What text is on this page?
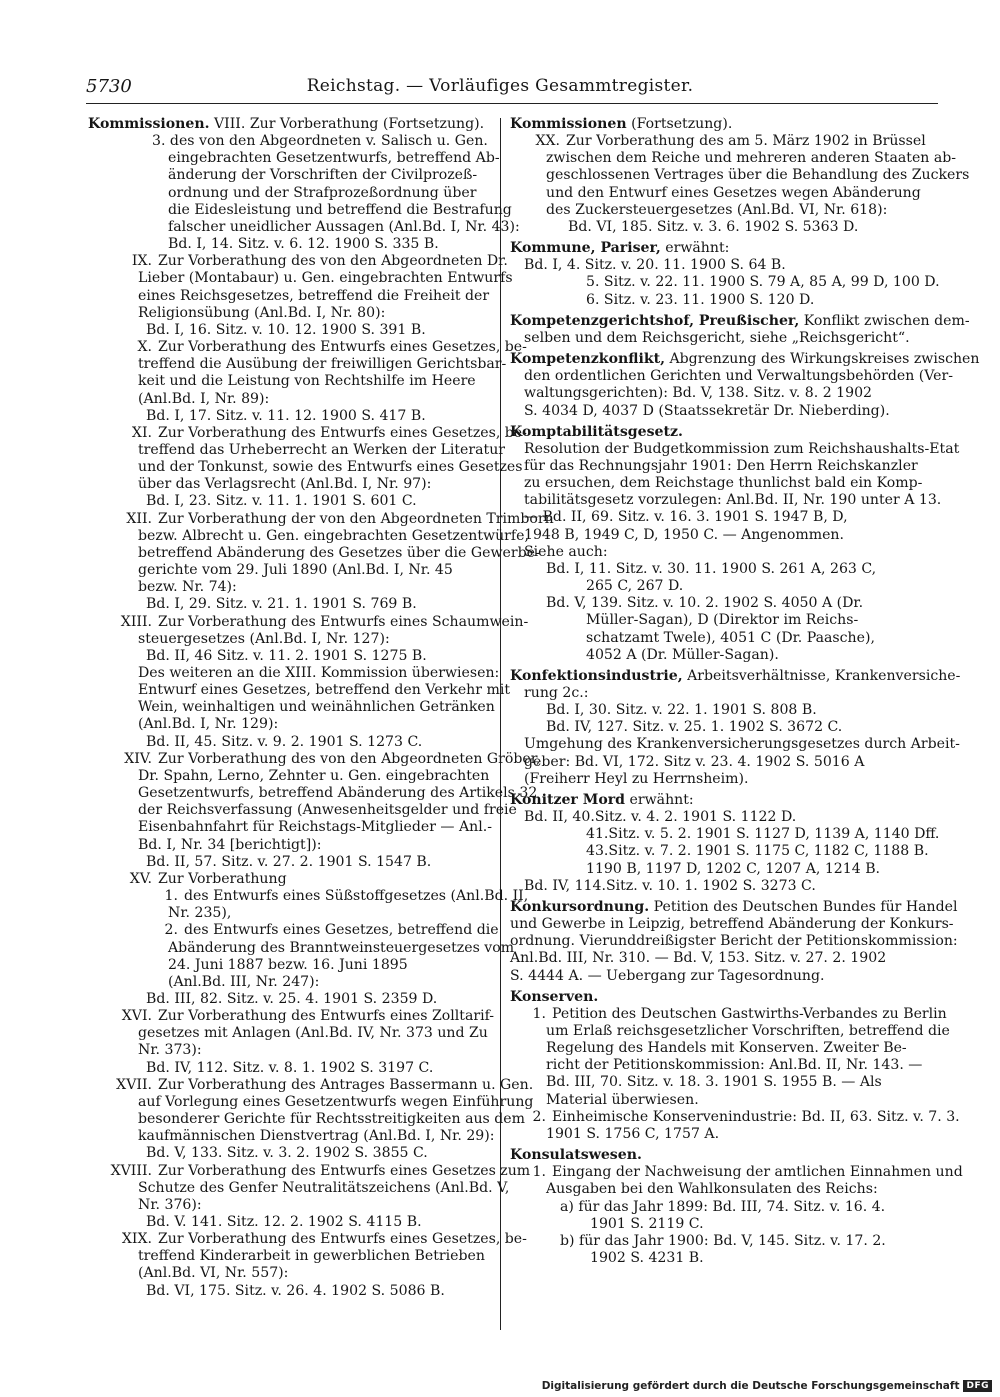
5730	Reichstag. — Vorläufiges Gesammtregister.
Kommissionen. VIII. Zur Vorberathung (Fortsetzung).
3. des von den Abgeordneten v. Salisch u. Gen.
eingebrachten Gesetzentwurfs, betreffend Ab-
änderung der Vorschriften der Civilprozeß-
ordnung und der Strafprozeßordnung über
die Eidesleistung und betreffend die Bestrafung
falscher uneidlicher Aussagen (Anl.Bd. I, Nr. 43):
Bd. I, 14. Sitz. v. 6. 12. 1900 S. 335 B.
IX. Zur Vorberathung des von den Abgeordneten Dr.
Lieber (Montabaur) u. Gen. eingebrachten Entwurfs
eines Reichsgesetzes, betreffend die Freiheit der
Religionsübung (Anl.Bd. I, Nr. 80):
Bd. I, 16. Sitz. v. 10. 12. 1900 S. 391 B.
X. Zur Vorberathung des Entwurfs eines Gesetzes, be-
treffend die Ausübung der freiwilligen Gerichtsbar-
keit und die Leistung von Rechtshilfe im Heere
(Anl.Bd. I, Nr. 89):
Bd. I, 17. Sitz. v. 11. 12. 1900 S. 417 B.
XI. Zur Vorberathung des Entwurfs eines Gesetzes, be-
treffend das Urheberrecht an Werken der Literatur
und der Tonkunst, sowie des Entwurfs eines Gesetzes
über das Verlagsrecht (Anl.Bd. I, Nr. 97):
Bd. I, 23. Sitz. v. 11. 1. 1901 S. 601 C.
XII. Zur Vorberathung der von den Abgeordneten Trimborn
bezw. Albrecht u. Gen. eingebrachten Gesetzentwürfe,
betreffend Abänderung des Gesetzes über die Gewerbe-
gerichte vom 29. Juli 1890 (Anl.Bd. I, Nr. 45
bezw. Nr. 74):
Bd. I, 29. Sitz. v. 21. 1. 1901 S. 769 B.
XIII. Zur Vorberathung des Entwurfs eines Schaumwein-
steuergesetzes (Anl.Bd. I, Nr. 127):
Bd. II, 46 Sitz. v. 11. 2. 1901 S. 1275 B.
Des weiteren an die XIII. Kommission überwiesen:
Entwurf eines Gesetzes, betreffend den Verkehr mit
Wein, weinhaltigen und weinähnlichen Getränken
(Anl.Bd. I, Nr. 129):
Bd. II, 45. Sitz. v. 9. 2. 1901 S. 1273 C.
XIV. Zur Vorberathung des von den Abgeordneten Gröber,
Dr. Spahn, Lerno, Zehnter u. Gen. eingebrachten
Gesetzentwurfs, betreffend Abänderung des Artikels 32
der Reichsverfassung (Anwesenheitsgelder und freie
Eisenbahnfahrt für Reichstags-Mitglieder — Anl.-
Bd. I, Nr. 34 [berichtigt]):
Bd. II, 57. Sitz. v. 27. 2. 1901 S. 1547 B.
XV. Zur Vorberathung
1. des Entwurfs eines Süßstoffgesetzes (Anl.Bd. II,
Nr. 235),
2. des Entwurfs eines Gesetzes, betreffend die
Abänderung des Branntweinsteuergesetzes vom
24. Juni 1887 bezw. 16. Juni 1895
(Anl.Bd. III, Nr. 247):
Bd. III, 82. Sitz. v. 25. 4. 1901 S. 2359 D.
XVI. Zur Vorberathung des Entwurfs eines Zolltarif-
gesetzes mit Anlagen (Anl.Bd. IV, Nr. 373 und Zu
Nr. 373):
Bd. IV, 112. Sitz. v. 8. 1. 1902 S. 3197 C.
XVII. Zur Vorberathung des Antrages Bassermann u. Gen.
auf Vorlegung eines Gesetzentwurfs wegen Einführung
besonderer Gerichte für Rechtsstreitigkeiten aus dem
kaufmännischen Dienstvertrag (Anl.Bd. I, Nr. 29):
Bd. V, 133. Sitz. v. 3. 2. 1902 S. 3855 C.
XVIII. Zur Vorberathung des Entwurfs eines Gesetzes zum
Schutze des Genfer Neutralitätszeichens (Anl.Bd. V,
Nr. 376):
Bd. V. 141. Sitz. 12. 2. 1902 S. 4115 B.
XIX. Zur Vorberathung des Entwurfs eines Gesetzes, be-
treffend Kinderarbeit in gewerblichen Betrieben
(Anl.Bd. VI, Nr. 557):
Bd. VI, 175. Sitz. v. 26. 4. 1902 S. 5086 B.
Kommissionen (Fortsetzung).
XX. Zur Vorberathung des am 5. März 1902 in Brüssel
zwischen dem Reiche und mehreren anderen Staaten ab-
geschlossenen Vertrages über die Behandlung des Zuckers
und den Entwurf eines Gesetzes wegen Abänderung
des Zuckersteuergesetzes (Anl.Bd. VI, Nr. 618):
Bd. VI, 185. Sitz. v. 3. 6. 1902 S. 5363 D.
Kommune, Pariser, erwähnt:
Bd. I, 4. Sitz. v. 20. 11. 1900 S. 64 B.
5. Sitz. v. 22. 11. 1900 S. 79 A, 85 A, 99 D, 100 D.
6. Sitz. v. 23. 11. 1900 S. 120 D.
Kompetenzgerichtshof, Preußischer, Konflikt zwischen dem-
selben und dem Reichsgericht, siehe „Reichsgericht“.
Kompetenzkonflikt, Abgrenzung des Wirkungskreises zwischen
den ordentlichen Gerichten und Verwaltungsbehörden (Ver-
waltungsgerichten): Bd. V, 138. Sitz. v. 8. 2 1902
S. 4034 D, 4037 D (Staatssekretär Dr. Nieberding).
Komptabilitätsgesetz.
Resolution der Budgetkommission zum Reichshaushalts-Etat
für das Rechnungsjahr 1901: Den Herrn Reichskanzler
zu ersuchen, dem Reichstage thunlichst bald ein Komp-
tabilitätsgesetz vorzulegen: Anl.Bd. II, Nr. 190 unter A 13.
— Bd. II, 69. Sitz. v. 16. 3. 1901 S. 1947 B, D,
1948 B, 1949 C, D, 1950 C. — Angenommen.
Siehe auch:
Bd. I, 11. Sitz. v. 30. 11. 1900 S. 261 A, 263 C,
265 C, 267 D.
Bd. V, 139. Sitz. v. 10. 2. 1902 S. 4050 A (Dr.
Müller-Sagan), D (Direktor im Reichs-
schatzamt Twele), 4051 C (Dr. Paasche),
4052 A (Dr. Müller-Sagan).
Konfektionsindustrie, Arbeitsverhältnisse, Krankenversiche-
rung 2c.:
Bd. I, 30. Sitz. v. 22. 1. 1901 S. 808 B.
Bd. IV, 127. Sitz. v. 25. 1. 1902 S. 3672 C.
Umgehung des Krankenversicherungsgesetzes durch Arbeit-
geber: Bd. VI, 172. Sitz v. 23. 4. 1902 S. 5016 A
(Freiherr Heyl zu Herrnsheim).
Konitzer Mord erwähnt:
Bd. II, 40.Sitz. v. 4. 2. 1901 S. 1122 D.
41.Sitz. v. 5. 2. 1901 S. 1127 D, 1139 A, 1140 Dff.
43.Sitz. v. 7. 2. 1901 S. 1175 C, 1182 C, 1188 B.
1190 B, 1197 D, 1202 C, 1207 A, 1214 B.
Bd. IV, 114.Sitz. v. 10. 1. 1902 S. 3273 C.
Konkursordnung. Petition des Deutschen Bundes für Handel
und Gewerbe in Leipzig, betreffend Abänderung der Konkurs-
ordnung. Vierunddreißigster Bericht der Petitionskommission:
Anl.Bd. III, Nr. 310. — Bd. V, 153. Sitz. v. 27. 2. 1902
S. 4444 A. — Uebergang zur Tagesordnung.
Konserven.
1. Petition des Deutschen Gastwirths-Verbandes zu Berlin
um Erlaß reichsgesetzlicher Vorschriften, betreffend die
Regelung des Handels mit Konserven. Zweiter Be-
richt der Petitionskommission: Anl.Bd. II, Nr. 143. —
Bd. III, 70. Sitz. v. 18. 3. 1901 S. 1955 B. — Als
Material überwiesen.
2. Einheimische Konservenindustrie: Bd. II, 63. Sitz. v. 7. 3.
1901 S. 1756 C, 1757 A.
Konsulatswesen.
1. Eingang der Nachweisung der amtlichen Einnahmen und
Ausgaben bei den Wahlkonsulaten des Reichs:
a) für das Jahr 1899: Bd. III, 74. Sitz. v. 16. 4.
1901 S. 2119 C.
b) für das Jahr 1900: Bd. V, 145. Sitz. v. 17. 2.
1902 S. 4231 B.
Digitalisierung gefördert durch die Deutsche Forschungsgemeinschaft DFG
